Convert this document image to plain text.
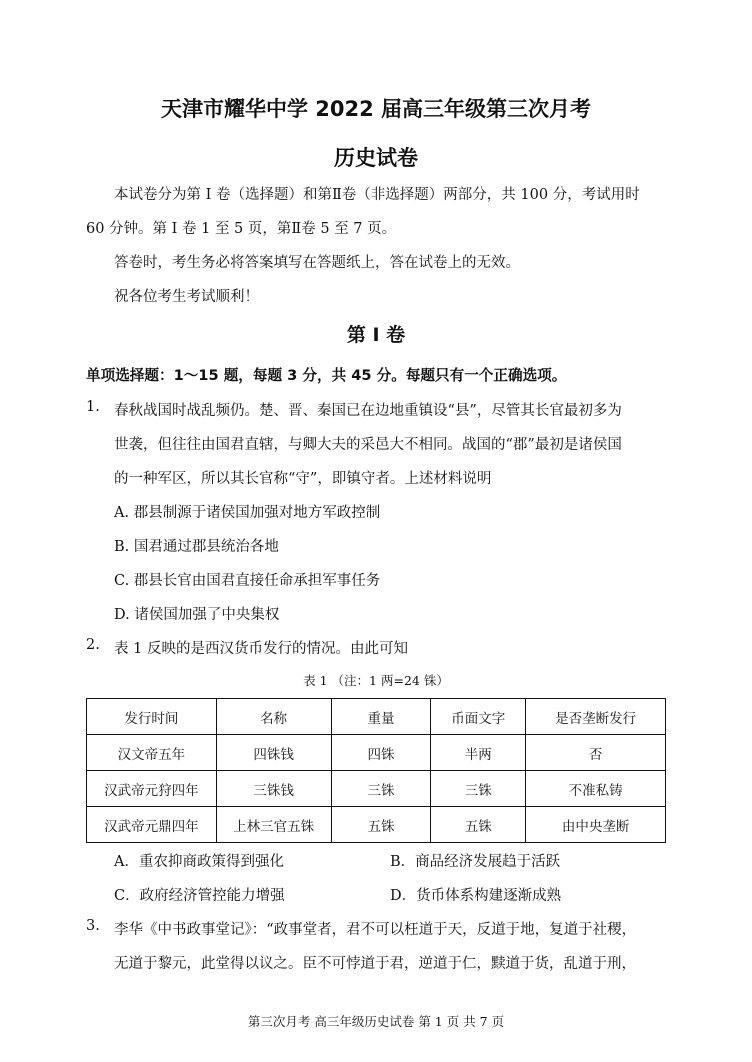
天津市耀华中学 2022 届高三年级第三次月考
历史试卷
本试卷分为第 I 卷（选择题）和第Ⅱ卷（非选择题）两部分，共 100 分，考试用时
60 分钟。第 I 卷 1 至 5 页，第Ⅱ卷 5 至 7 页。
答卷时，考生务必将答案填写在答题纸上，答在试卷上的无效。
祝各位考生考试顺利！
第 I 卷
单项选择题：1～15 题，每题 3 分，共 45 分。每题只有一个正确选项。
1. 春秋战国时战乱频仍。楚、晋、秦国已在边地重镇设“县”，尽管其长官最初多为
世袭，但往往由国君直辖，与卿大夫的采邑大不相同。战国的“郡”最初是诸侯国
的一种军区，所以其长官称“守”，即镇守者。上述材料说明
A. 郡县制源于诸侯国加强对地方军政控制
B. 国君通过郡县统治各地
C. 郡县长官由国君直接任命承担军事任务
D. 诸侯国加强了中央集权
2. 表 1 反映的是西汉货币发行的情况。由此可知
表 1 （注：1 两=24 铢）
发行时间	名称	重量	币面文字	是否垄断发行
汉文帝五年	四铢钱	四铢	半两	否
汉武帝元狩四年	三铢钱	三铢	三铢	不准私铸
汉武帝元鼎四年	上林三官五铢	五铢	五铢	由中央垄断
A．重农抑商政策得到强化	B．商品经济发展趋于活跃
C．政府经济管控能力增强	D．货币体系构建逐渐成熟
3. 李华《中书政事堂记》：“政事堂者，君不可以枉道于天，反道于地，复道于社稷，
无道于黎元，此堂得以议之。臣不可悖道于君，逆道于仁，黩道于货，乱道于刑，
第三次月考 高三年级历史试卷 第 1 页 共 7 页
